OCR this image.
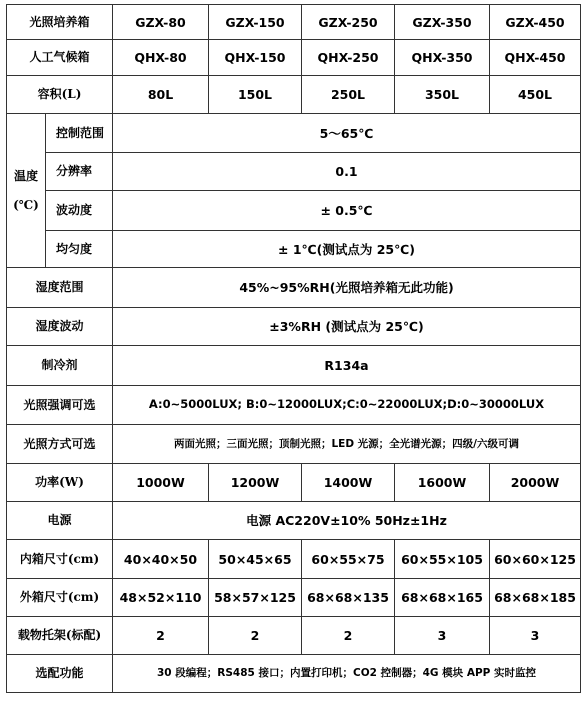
光照培养箱		GZX-80	GZX-150	GZX-250	GZX-350	GZX-450
人工气候箱		QHX-80	QHX-150	QHX-250	QHX-350	QHX-450
容积(L)		80L	150L	250L	350L	450L
温度

(℃)	控制范围	5～65℃				
	分辨率	0.1				
	波动度	± 0.5℃				
	均匀度	± 1℃(测试点为 25℃)				
湿度范围		45%~95%RH(光照培养箱无此功能)				
湿度波动		±3%RH (测试点为 25℃)				
制冷剂		R134a				
光照强调可选		A:0~5000LUX; B:0~12000LUX;C:0~22000LUX;D:0~30000LUX				
光照方式可选		两面光照；三面光照；顶制光照；LED 光源；全光谱光源；四级/六级可调				
功率(W)		1000W	1200W	1400W	1600W	2000W
电源		电源 AC220V±10% 50Hz±1Hz				
内箱尺寸(cm)		40×40×50	50×45×65	60×55×75	60×55×105	60×60×125
外箱尺寸(cm)		48×52×110	58×57×125	68×68×135	68×68×165	68×68×185
载物托架(标配)		2	2	2	3	3
选配功能		30 段编程；RS485 接口；内置打印机；CO2 控制器；4G 模块 APP 实时监控				
